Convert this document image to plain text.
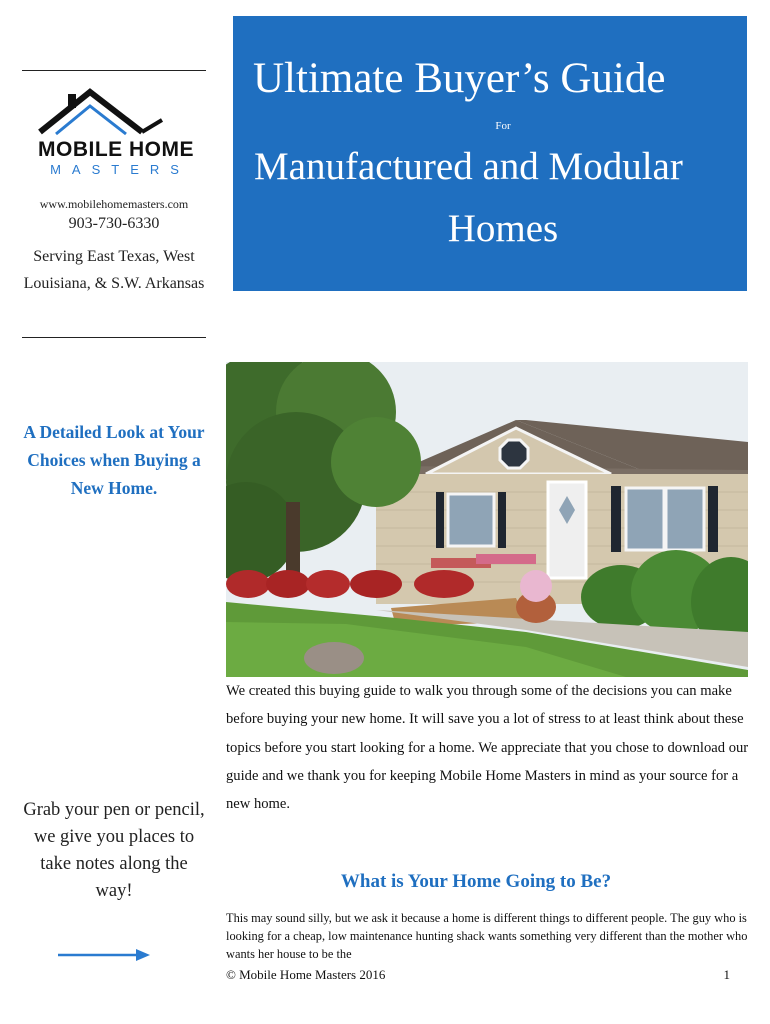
MOBILE HOME
MASTERS
www.mobilehomemasters.com
903-730-6330
Serving East Texas, West Louisiana, & S.W. Arkansas
A Detailed Look at Your Choices when Buying a New Home.
Grab your pen or pencil, we give you places to take notes along the way!
Ultimate Buyer’s Guide
For
Manufactured and Modular
Homes
We created this buying guide to walk you through some of the decisions you can make before buying your new home. It will save you a lot of stress to at least think about these topics before you start looking for a home. We appreciate that you chose to download our guide and we thank you for keeping Mobile Home Masters in mind as your source for a new home.
What is Your Home Going to Be?
This may sound silly, but we ask it because a home is different things to different people. The guy who is looking for a cheap, low maintenance hunting shack wants something very different than the mother who wants her house to be the
© Mobile Home Masters 2016	1
